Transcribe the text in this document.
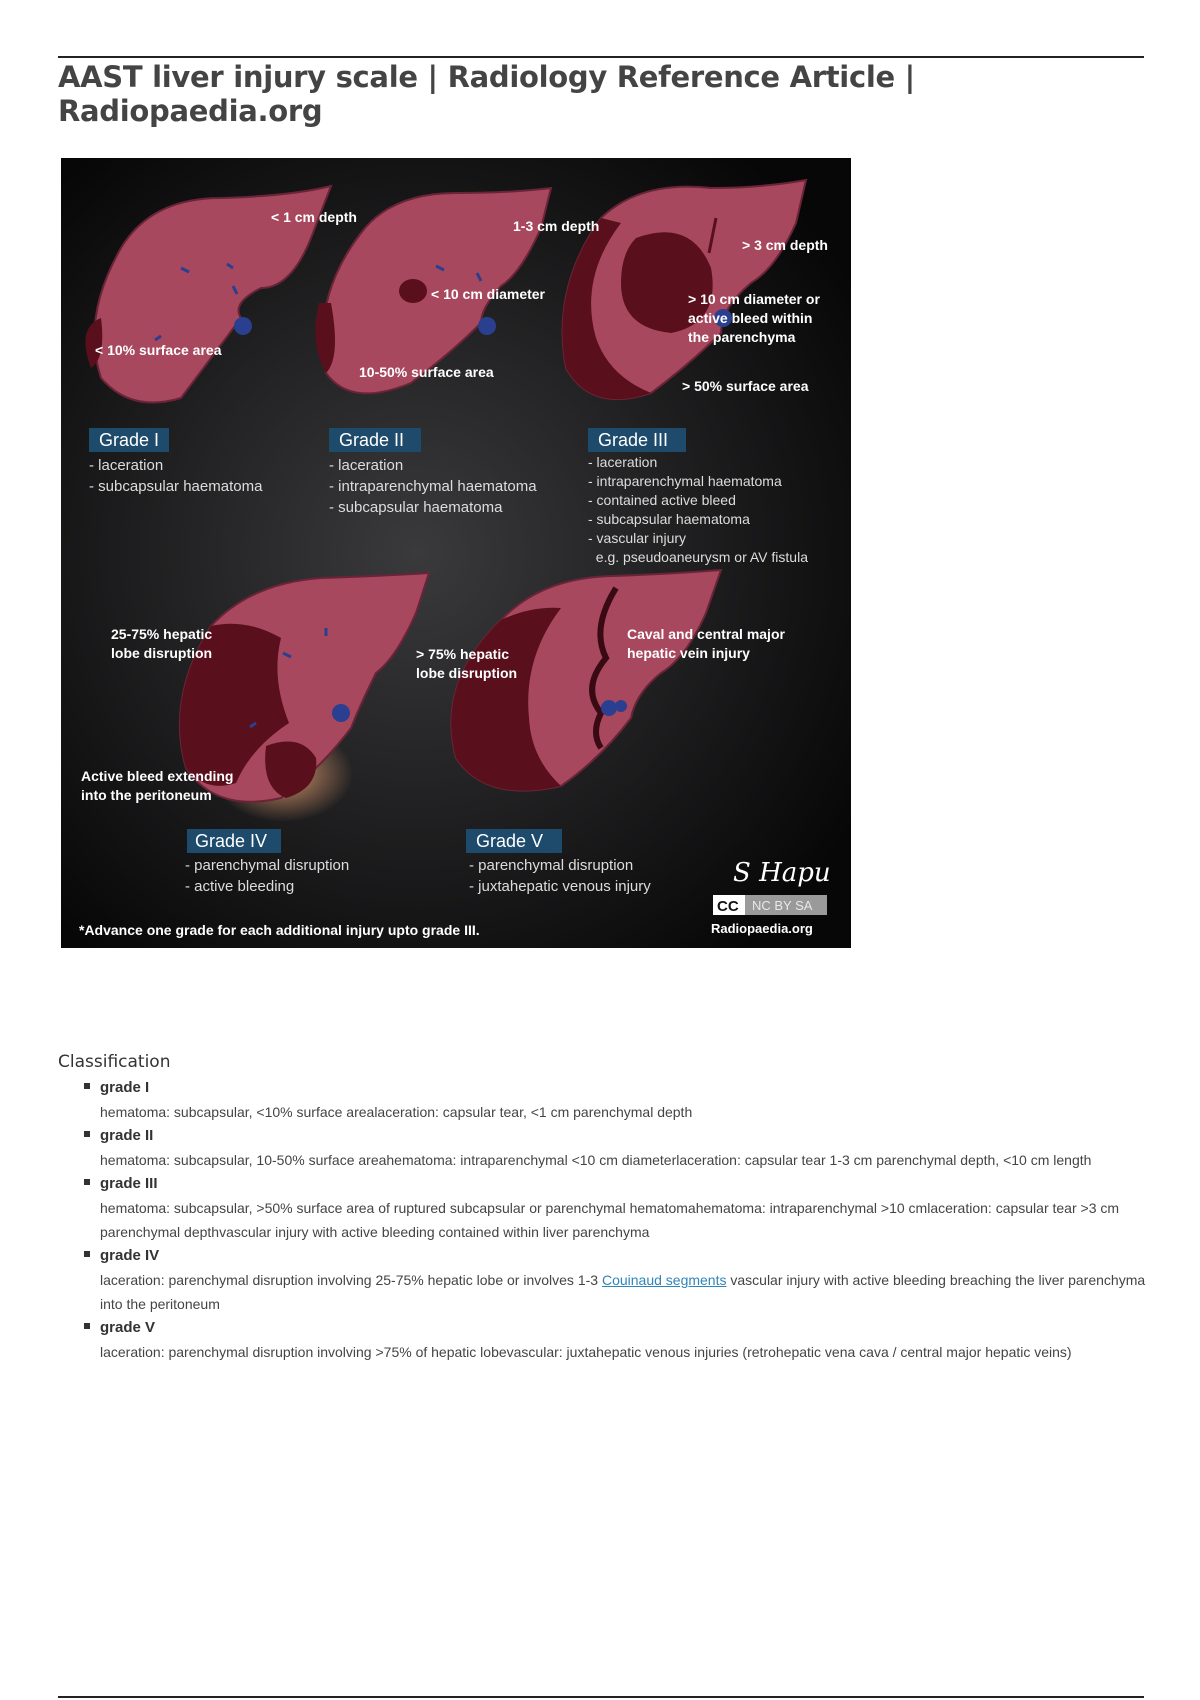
AAST liver injury scale | Radiology Reference Article | Radiopaedia.org
Grade I
- laceration
- subcapsular haematoma
Grade II
- laceration
- intraparenchymal haematoma
- subcapsular haematoma
Grade III
- laceration
- intraparenchymal haematoma
- contained active bleed
- subcapsular haematoma
- vascular injury
e.g. pseudoaneurysm or AV fistula
< 1 cm depth
< 10% surface area
1-3 cm depth
< 10 cm diameter
10-50% surface area
> 3 cm depth
> 10 cm diameter or
active bleed within
the parenchyma
> 50% surface area
25-75% hepatic
lobe disruption
Active bleed extending
into the peritoneum
> 75% hepatic
lobe disruption
Caval and central major
hepatic vein injury
Grade IV
- parenchymal disruption
- active bleeding
Grade V
- parenchymal disruption
- juxtahepatic venous injury	S Hapu
CC NC BY SA
Radiopaedia.org
*Advance one grade for each additional injury upto grade III.
Classification
grade I
hematoma: subcapsular, <10% surface arealaceration: capsular tear, <1 cm parenchymal depth
grade II
hematoma: subcapsular, 10-50% surface areahematoma: intraparenchymal <10 cm diameterlaceration: capsular tear 1-3 cm parenchymal depth, <10 cm length
grade III
hematoma: subcapsular, >50% surface area of ruptured subcapsular or parenchymal hematomahematoma: intraparenchymal >10 cmlaceration: capsular tear >3 cm parenchymal depthvascular injury with active bleeding contained within liver parenchyma
grade IV
laceration: parenchymal disruption involving 25-75% hepatic lobe or involves 1-3 Couinaud segments vascular injury with active bleeding breaching the liver parenchyma into the peritoneum
grade V
laceration: parenchymal disruption involving >75% of hepatic lobevascular: juxtahepatic venous injuries (retrohepatic vena cava / central major hepatic veins)
